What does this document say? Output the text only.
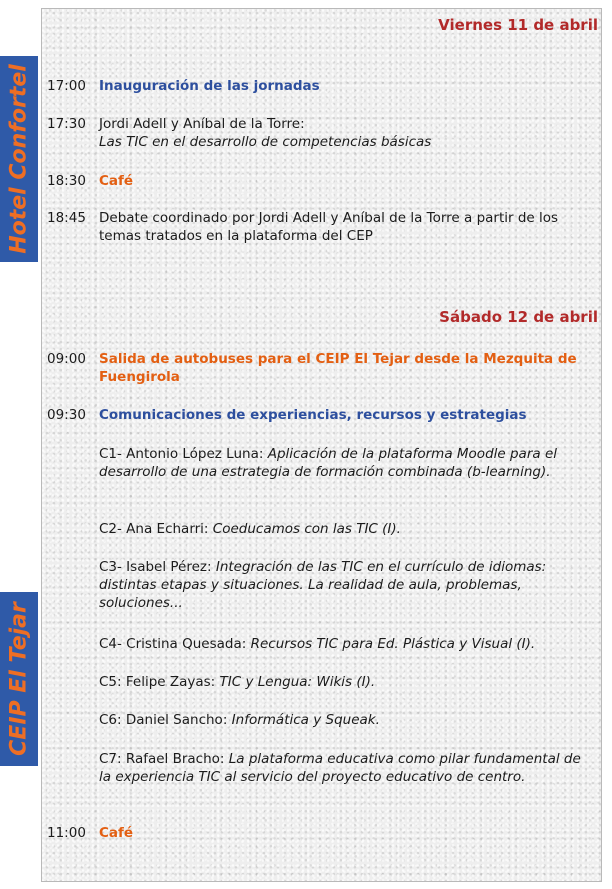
Hotel Confortel
CEIP El Tejar
Viernes 11 de abril
17:00 Inauguración de las jornadas
17:30 Jordi Adell y Aníbal de la Torre:
Las TIC en el desarrollo de competencias básicas
18:30 Café
18:45 Debate coordinado por Jordi Adell y Aníbal de la Torre a partir de los temas tratados en la plataforma del CEP
Sábado 12 de abril
09:00 Salida de autobuses para el CEIP El Tejar desde la Mezquita de Fuengirola
09:30 Comunicaciones de experiencias, recursos y estrategias
C1- Antonio López Luna: Aplicación de la plataforma Moodle para el desarrollo de una estrategia de formación combinada (b-learning).
C2- Ana Echarri: Coeducamos con las TIC (I).
C3- Isabel Pérez: Integración de las TIC en el currículo de idiomas: distintas etapas y situaciones. La realidad de aula, problemas, soluciones...
C4- Cristina Quesada: Recursos TIC para Ed. Plástica y Visual (I).
C5: Felipe Zayas: TIC y Lengua: Wikis (I).
C6: Daniel Sancho: Informática y Squeak.
C7: Rafael Bracho: La plataforma educativa como pilar fundamental de la experiencia TIC al servicio del proyecto educativo de centro.
11:00 Café
